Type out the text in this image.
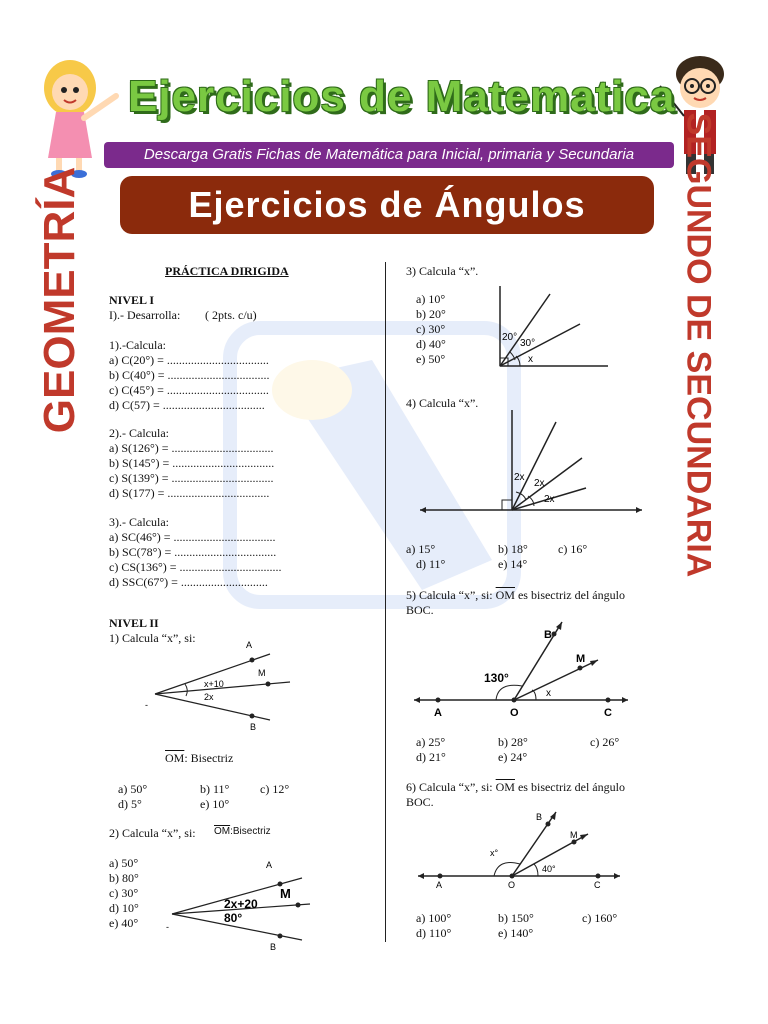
Ejercicios de Matematica
Descarga Gratis Fichas de Matemática para Inicial, primaria y Secundaria
Ejercicios de Ángulos
GEOMETRÍA	SEGUNDO DE SECUNDARIA
PRÁCTICA DIRIGIDA
NIVEL I
I).- Desarrolla: ( 2pts. c/u)
1).-Calcula:
a) C(20°) = ..................................
b) C(40°) = ..................................
c) C(45°) = ..................................
d) C(57) = ..................................
2).- Calcula:
a) S(126°) = ..................................
b) S(145°) = ..................................
c) S(139°) = ..................................
d) S(177) = ..................................
3).- Calcula:
a) SC(46°) = ..................................
b) SC(78°) = ..................................
c) CS(136°) = ..................................
d) SSC(67°) = .............................
NIVEL II
1) Calcula “x”, si:	A
M
B
x+10
2x
-
$\overline{OM}$: Bisectriz
a) 50°	b) 11°	c) 12°
d) 5°	e) 10°
2) Calcula “x”, si: $\overline{OM}:Bisectriz$
a) 50°
b) 80°
c) 30°
d) 10°
e) 40°
A
M
B
2x+20
80°
-
3) Calcula “x”.
a) 10°
b) 20°
c) 30°
d) 40°
e) 50°
20°
30°
x
4) Calcula “x”.
2x
2x
2x
a) 15°	b) 18°	c) 16°
d) 11°	e) 14°
5) Calcula “x”, si: $\overline{OM}$ es bisectriz del ángulo
BOC.
130°
B
M
x
A	O	C
a) 25°	b) 28°	c) 26°
d) 21°	e) 24°
6) Calcula “x”, si: $\overline{OM}$ es bisectriz del ángulo
BOC.
B
M
x°
40°
A	O	C
a) 100°	b) 150°	c) 160°
d) 110°	e) 140°
